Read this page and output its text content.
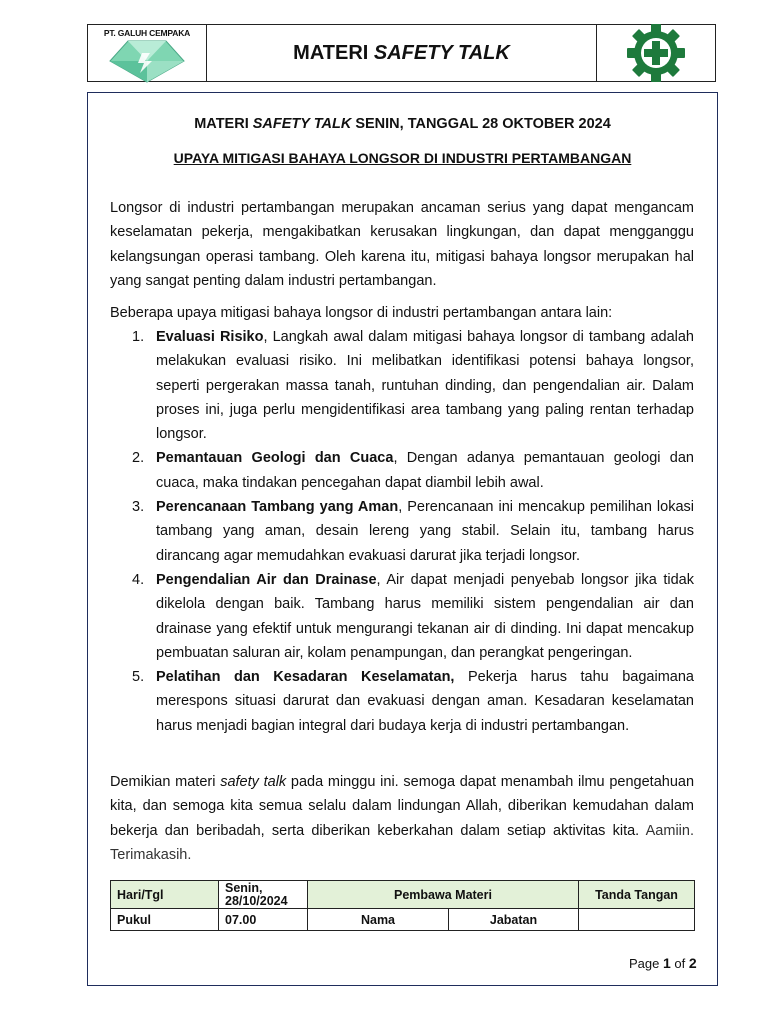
PT. GALUH CEMPAKA
MATERI SAFETY TALK
MATERI SAFETY TALK SENIN, TANGGAL 28 OKTOBER 2024
UPAYA MITIGASI BAHAYA LONGSOR DI INDUSTRI PERTAMBANGAN
Longsor di industri pertambangan merupakan ancaman serius yang dapat mengancam keselamatan pekerja, mengakibatkan kerusakan lingkungan, dan dapat mengganggu kelangsungan operasi tambang. Oleh karena itu, mitigasi bahaya longsor merupakan hal yang sangat penting dalam industri pertambangan.
Beberapa upaya mitigasi bahaya longsor di industri pertambangan antara lain:
1. Evaluasi Risiko, Langkah awal dalam mitigasi bahaya longsor di tambang adalah melakukan evaluasi risiko. Ini melibatkan identifikasi potensi bahaya longsor, seperti pergerakan massa tanah, runtuhan dinding, dan pengendalian air. Dalam proses ini, juga perlu mengidentifikasi area tambang yang paling rentan terhadap longsor.
2. Pemantauan Geologi dan Cuaca, Dengan adanya pemantauan geologi dan cuaca, maka tindakan pencegahan dapat diambil lebih awal.
3. Perencanaan Tambang yang Aman, Perencanaan ini mencakup pemilihan lokasi tambang yang aman, desain lereng yang stabil. Selain itu, tambang harus dirancang agar memudahkan evakuasi darurat jika terjadi longsor.
4. Pengendalian Air dan Drainase, Air dapat menjadi penyebab longsor jika tidak dikelola dengan baik. Tambang harus memiliki sistem pengendalian air dan drainase yang efektif untuk mengurangi tekanan air di dinding. Ini dapat mencakup pembuatan saluran air, kolam penampungan, dan perangkat pengeringan.
5. Pelatihan dan Kesadaran Keselamatan, Pekerja harus tahu bagaimana merespons situasi darurat dan evakuasi dengan aman. Kesadaran keselamatan harus menjadi bagian integral dari budaya kerja di industri pertambangan.
Demikian materi safety talk pada minggu ini. semoga dapat menambah ilmu pengetahuan kita, dan semoga kita semua selalu dalam lindungan Allah, diberikan kemudahan dalam bekerja dan beribadah, serta diberikan keberkahan dalam setiap aktivitas kita. Aamiin. Terimakasih.
Hari/Tgl	Senin, 28/10/2024	Pembawa Materi		Tanda Tangan
Pukul	07.00	Nama	Jabatan	
Page 1 of 2
